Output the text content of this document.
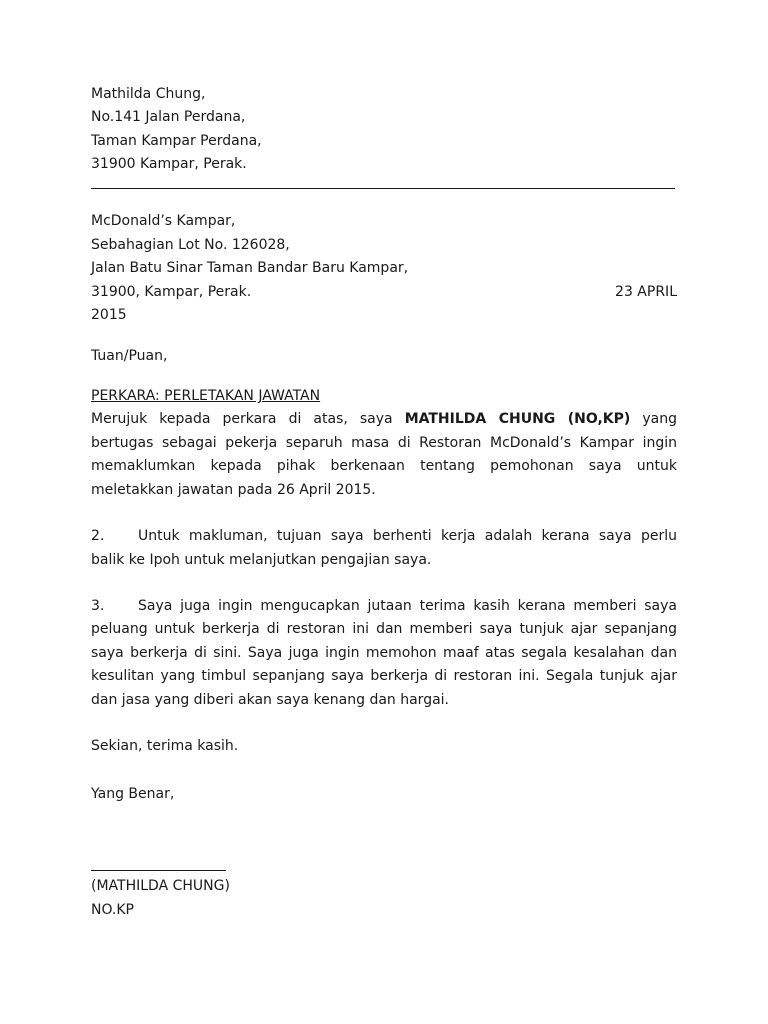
Mathilda Chung,
No.141 Jalan Perdana,
Taman Kampar Perdana,
31900 Kampar, Perak.
McDonald’s Kampar,
Sebahagian Lot No. 126028,
Jalan Batu Sinar Taman Bandar Baru Kampar,
31900, Kampar, Perak.	23 APRIL
2015
Tuan/Puan,
PERKARA: PERLETAKAN JAWATAN
Merujuk kepada perkara di atas, saya MATHILDA CHUNG (NO,KP) yang
bertugas sebagai pekerja separuh masa di Restoran McDonald’s Kampar ingin
memaklumkan kepada pihak berkenaan tentang pemohonan saya untuk
meletakkan jawatan pada 26 April 2015.
2. Untuk makluman, tujuan saya berhenti kerja adalah kerana saya perlu
balik ke Ipoh untuk melanjutkan pengajian saya.
3. Saya juga ingin mengucapkan jutaan terima kasih kerana memberi saya
peluang untuk berkerja di restoran ini dan memberi saya tunjuk ajar sepanjang
saya berkerja di sini. Saya juga ingin memohon maaf atas segala kesalahan dan
kesulitan yang timbul sepanjang saya berkerja di restoran ini. Segala tunjuk ajar
dan jasa yang diberi akan saya kenang dan hargai.
Sekian, terima kasih.
Yang Benar,
(MATHILDA CHUNG)
NO.KP
